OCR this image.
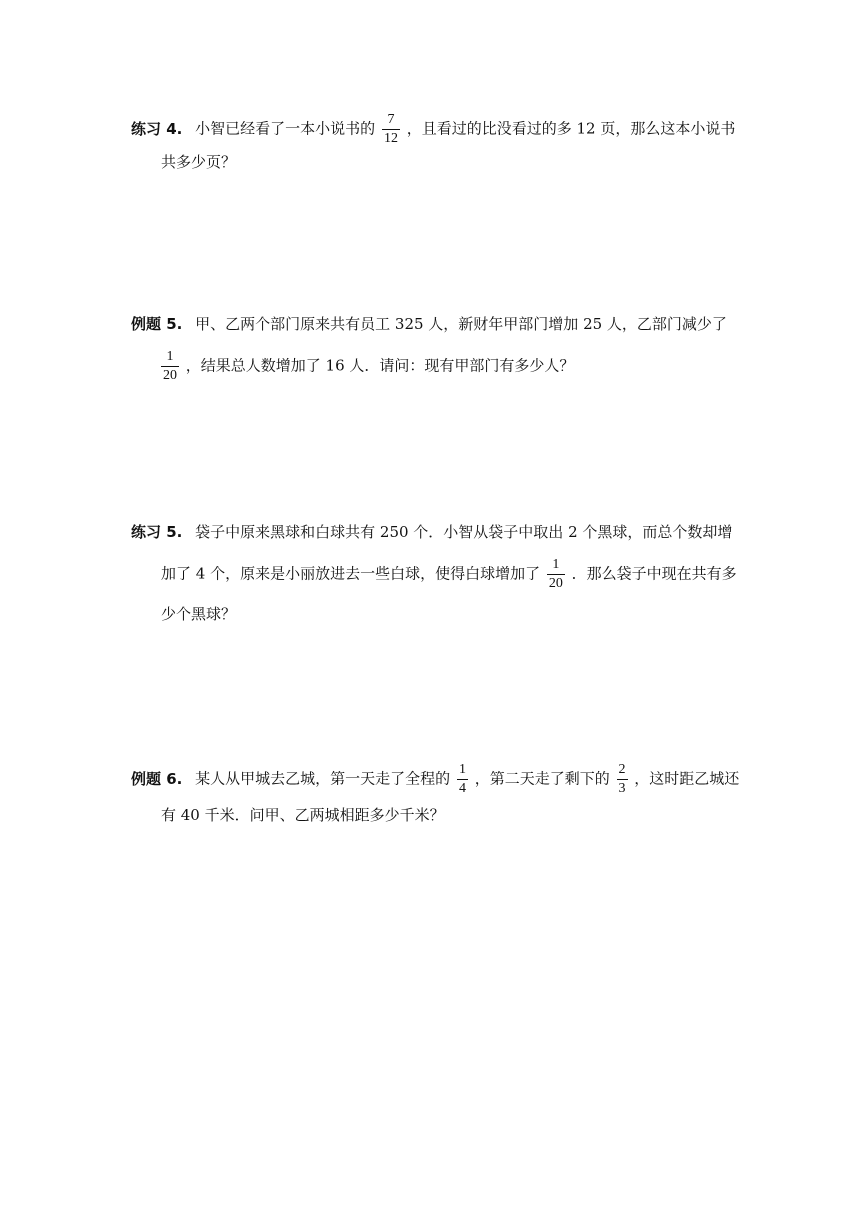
练习 4. 小智已经看了一本小说书的 $\frac{7}{12}$ ，且看过的比没看过的多 12 页，那么这本小说书
共多少页？
例题 5. 甲、乙两个部门原来共有员工 325 人，新财年甲部门增加 25 人，乙部门减少了
$\frac{1}{20}$ ，结果总人数增加了 16 人．请问：现有甲部门有多少人？
练习 5. 袋子中原来黑球和白球共有 250 个．小智从袋子中取出 2 个黑球，而总个数却增
加了 4 个，原来是小丽放进去一些白球，使得白球增加了 $\frac{1}{20}$ ．那么袋子中现在共有多
少个黑球？
例题 6. 某人从甲城去乙城，第一天走了全程的 $\frac{1}{4}$ ，第二天走了剩下的 $\frac{2}{3}$ ，这时距乙城还
有 40 千米．问甲、乙两城相距多少千米？
